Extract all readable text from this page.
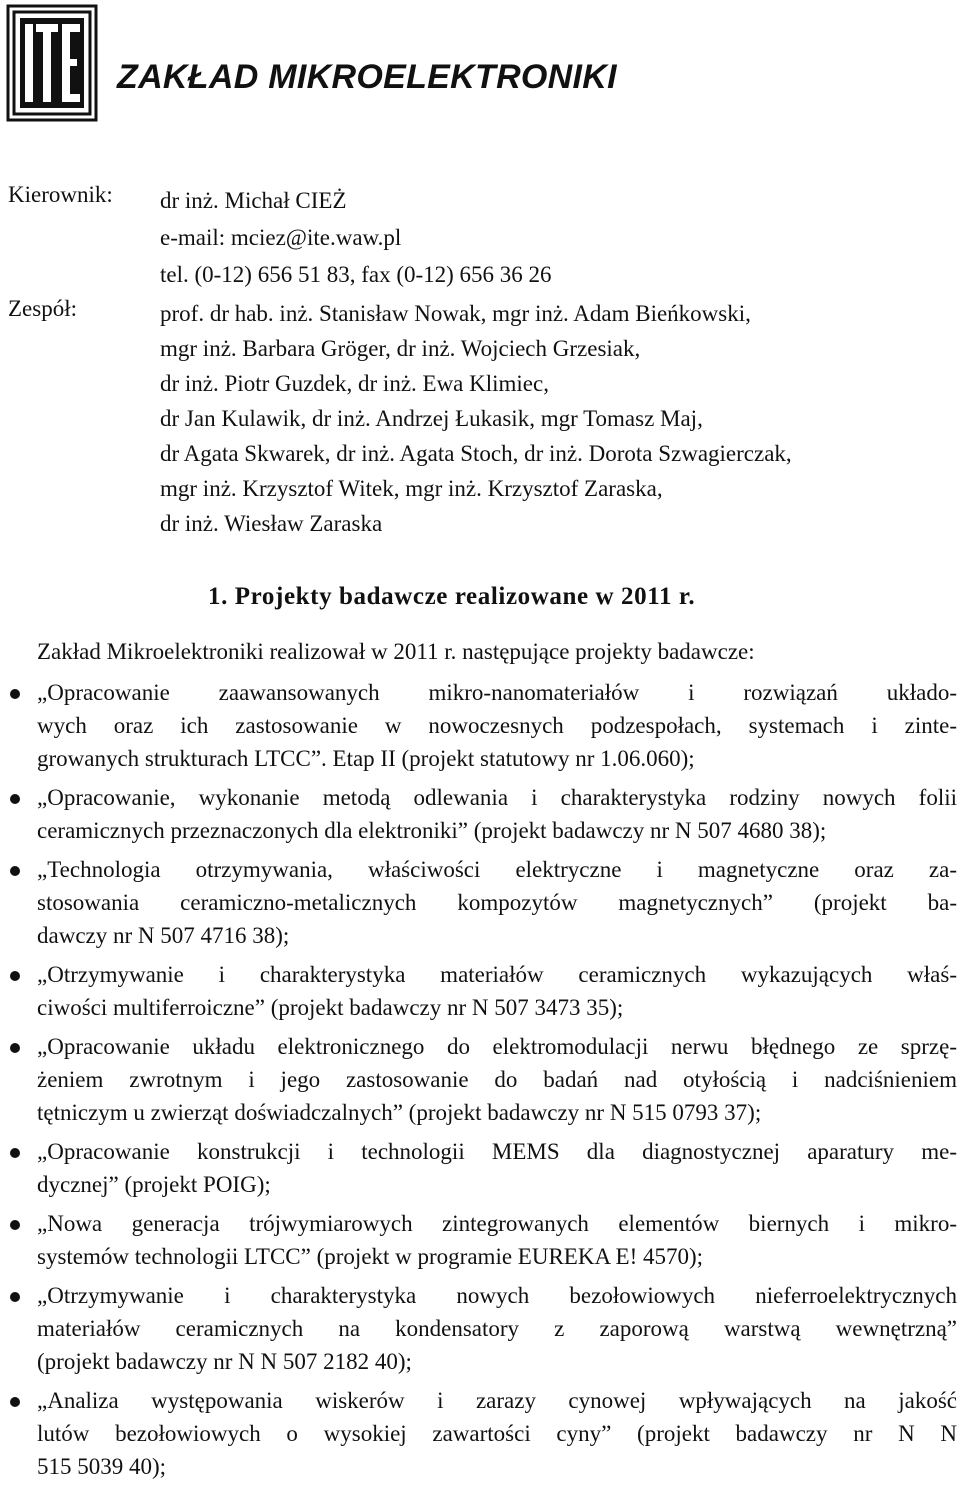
ZAKŁAD MIKROELEKTRONIKI
Kierownik: dr inż. Michał CIEŻ
e-mail: mciez@ite.waw.pl
tel. (0-12) 656 51 83, fax (0-12) 656 36 26
Zespół:	prof. dr hab. inż. Stanisław Nowak, mgr inż. Adam Bieńkowski,
mgr inż. Barbara Gröger, dr inż. Wojciech Grzesiak,
dr inż. Piotr Guzdek, dr inż. Ewa Klimiec,
dr Jan Kulawik, dr inż. Andrzej Łukasik, mgr Tomasz Maj,
dr Agata Skwarek, dr inż. Agata Stoch, dr inż. Dorota Szwagierczak,
mgr inż. Krzysztof Witek, mgr inż. Krzysztof Zaraska,
dr inż. Wiesław Zaraska
1. Projekty badawcze realizowane w 2011 r.
Zakład Mikroelektroniki realizował w 2011 r. następujące projekty badawcze:
„Opracowanie zaawansowanych mikro-nanomateriałów i rozwiązań układo-
wych oraz ich zastosowanie w nowoczesnych podzespołach, systemach i zinte-
growanych strukturach LTCC”. Etap II (projekt statutowy nr 1.06.060);
„Opracowanie, wykonanie metodą odlewania i charakterystyka rodziny nowych folii
ceramicznych przeznaczonych dla elektroniki” (projekt badawczy nr N 507 4680 38);
„Technologia otrzymywania, właściwości elektryczne i magnetyczne oraz za-
stosowania ceramiczno-metalicznych kompozytów magnetycznych” (projekt ba-
dawczy nr N 507 4716 38);
„Otrzymywanie i charakterystyka materiałów ceramicznych wykazujących właś-
ciwości multiferroiczne” (projekt badawczy nr N 507 3473 35);
„Opracowanie układu elektronicznego do elektromodulacji nerwu błędnego ze sprzę-
żeniem zwrotnym i jego zastosowanie do badań nad otyłością i nadciśnieniem
tętniczym u zwierząt doświadczalnych” (projekt badawczy nr N 515 0793 37);
„Opracowanie konstrukcji i technologii MEMS dla diagnostycznej aparatury me-
dycznej” (projekt POIG);
„Nowa generacja trójwymiarowych zintegrowanych elementów biernych i mikro-
systemów technologii LTCC” (projekt w programie EUREKA E! 4570);
„Otrzymywanie i charakterystyka nowych bezołowiowych nieferroelektrycznych
materiałów ceramicznych na kondensatory z zaporową warstwą wewnętrzną”
(projekt badawczy nr N N 507 2182 40);
„Analiza występowania wiskerów i zarazy cynowej wpływających na jakość
lutów bezołowiowych o wysokiej zawartości cyny” (projekt badawczy nr N N
515 5039 40);
